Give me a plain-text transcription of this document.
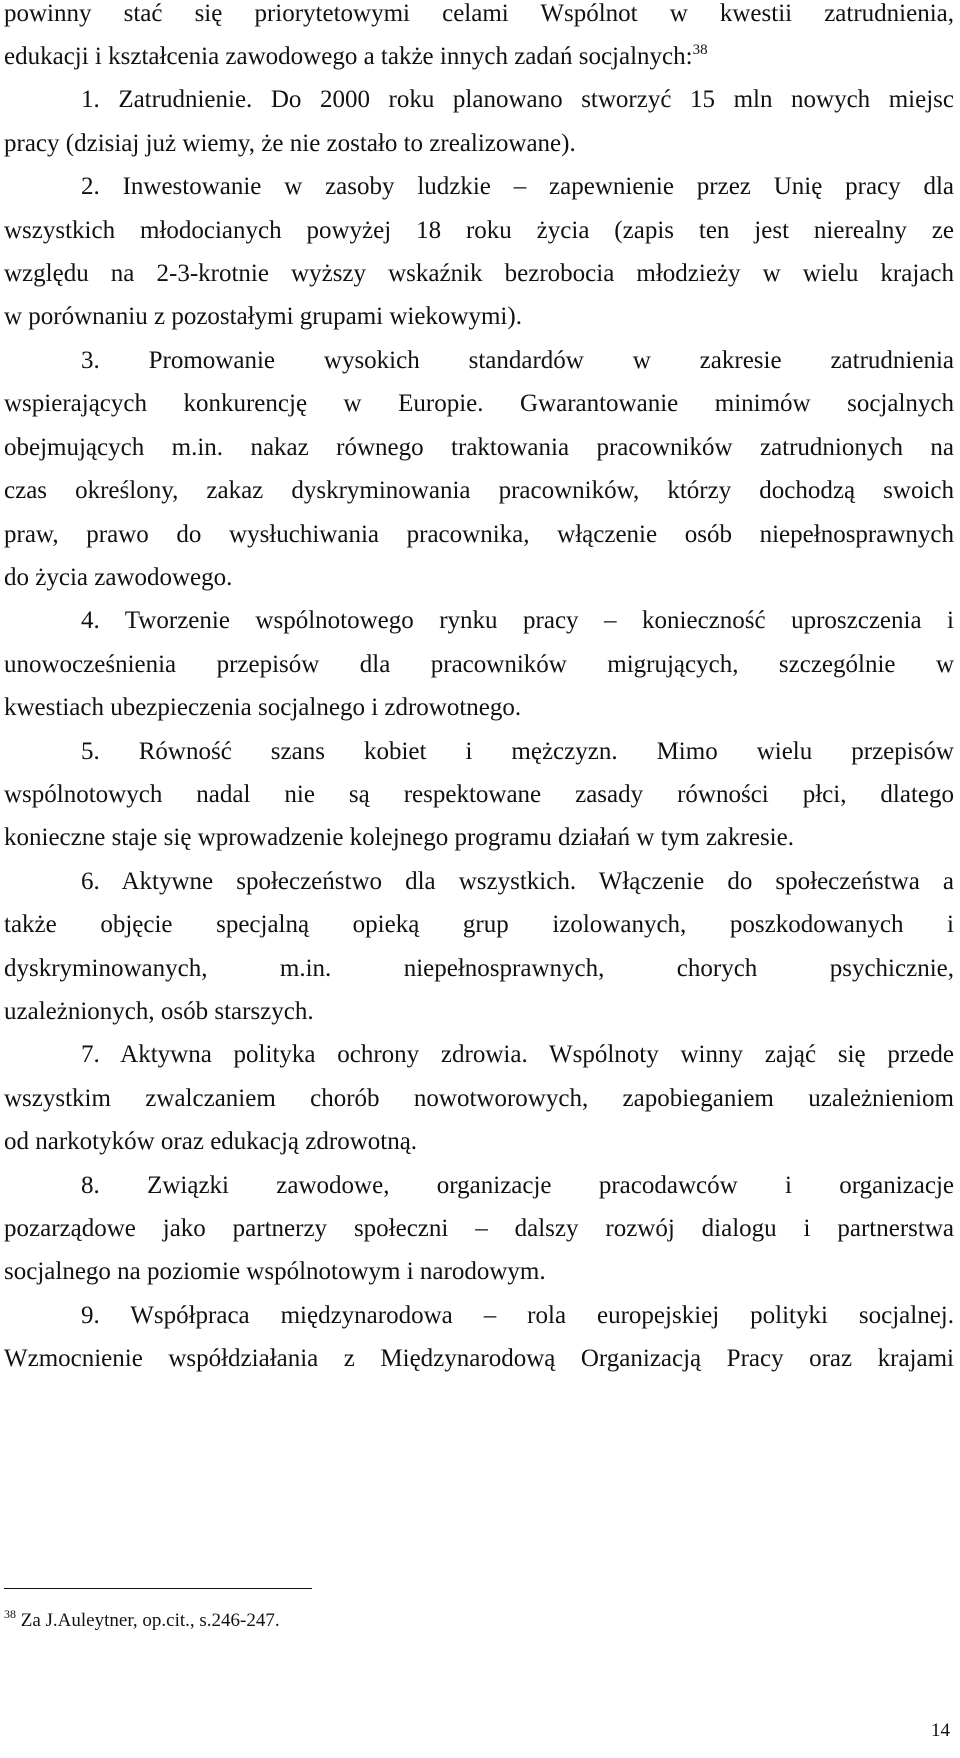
powinny stać się priorytetowymi celami Wspólnot w kwestii zatrudnienia,
edukacji i kształcenia zawodowego a także innych zadań socjalnych:$^{38}$
1. Zatrudnienie. Do 2000 roku planowano stworzyć 15 mln nowych miejsc
pracy (dzisiaj już wiemy, że nie zostało to zrealizowane).
2. Inwestowanie w zasoby ludzkie – zapewnienie przez Unię pracy dla
wszystkich młodocianych powyżej 18 roku życia (zapis ten jest nierealny ze
względu na 2-3-krotnie wyższy wskaźnik bezrobocia młodzieży w wielu krajach
w porównaniu z pozostałymi grupami wiekowymi).
3. Promowanie wysokich standardów w zakresie zatrudnienia
wspierających konkurencję w Europie. Gwarantowanie minimów socjalnych
obejmujących m.in. nakaz równego traktowania pracowników zatrudnionych na
czas określony, zakaz dyskryminowania pracowników, którzy dochodzą swoich
praw, prawo do wysłuchiwania pracownika, włączenie osób niepełnosprawnych
do życia zawodowego.
4. Tworzenie wspólnotowego rynku pracy – konieczność uproszczenia i
unowocześnienia przepisów dla pracowników migrujących, szczególnie w
kwestiach ubezpieczenia socjalnego i zdrowotnego.
5. Równość szans kobiet i mężczyzn. Mimo wielu przepisów
wspólnotowych nadal nie są respektowane zasady równości płci, dlatego
konieczne staje się wprowadzenie kolejnego programu działań w tym zakresie.
6. Aktywne społeczeństwo dla wszystkich. Włączenie do społeczeństwa a
także objęcie specjalną opieką grup izolowanych, poszkodowanych i
dyskryminowanych, m.in. niepełnosprawnych, chorych psychicznie,
uzależnionych, osób starszych.
7. Aktywna polityka ochrony zdrowia. Wspólnoty winny zająć się przede
wszystkim zwalczaniem chorób nowotworowych, zapobieganiem uzależnieniom
od narkotyków oraz edukacją zdrowotną.
8. Związki zawodowe, organizacje pracodawców i organizacje
pozarządowe jako partnerzy społeczni – dalszy rozwój dialogu i partnerstwa
socjalnego na poziomie wspólnotowym i narodowym.
9. Współpraca międzynarodowa – rola europejskiej polityki socjalnej.
Wzmocnienie współdziałania z Międzynarodową Organizacją Pracy oraz krajami
$^{38}$ Za J.Auleytner, op.cit., s.246-247.
14
